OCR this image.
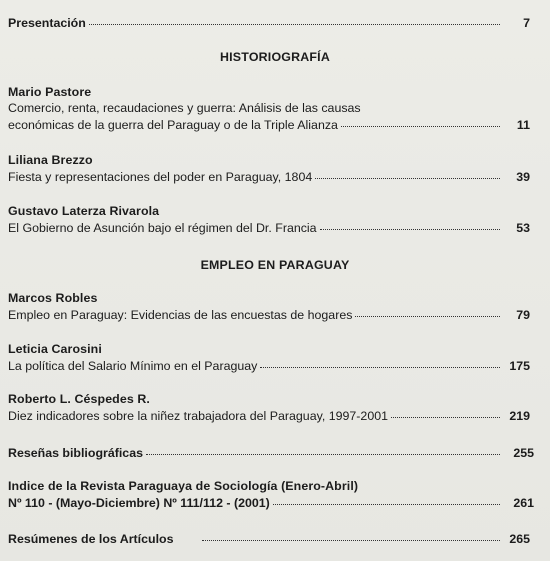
Presentación	7
HISTORIOGRAFÍA
Mario Pastore
Comercio, renta, recaudaciones y guerra: Análisis de las causas
económicas de la guerra del Paraguay o de la Triple Alianza	11
Liliana Brezzo
Fiesta y representaciones del poder en Paraguay, 1804	39
Gustavo Laterza Rivarola
El Gobierno de Asunción bajo el régimen del Dr. Francia	53
EMPLEO EN PARAGUAY
Marcos Robles
Empleo en Paraguay: Evidencias de las encuestas de hogares	79
Leticia Carosini
La política del Salario Mínimo en el Paraguay	175
Roberto L. Céspedes R.
Diez indicadores sobre la niñez trabajadora del Paraguay, 1997-2001	219
Reseñas bibliográficas	255
Indice de la Revista Paraguaya de Sociología (Enero-Abril)
Nº 110 - (Mayo-Diciembre) Nº 111/112 - (2001)	261
Resúmenes de los Artículos	265
